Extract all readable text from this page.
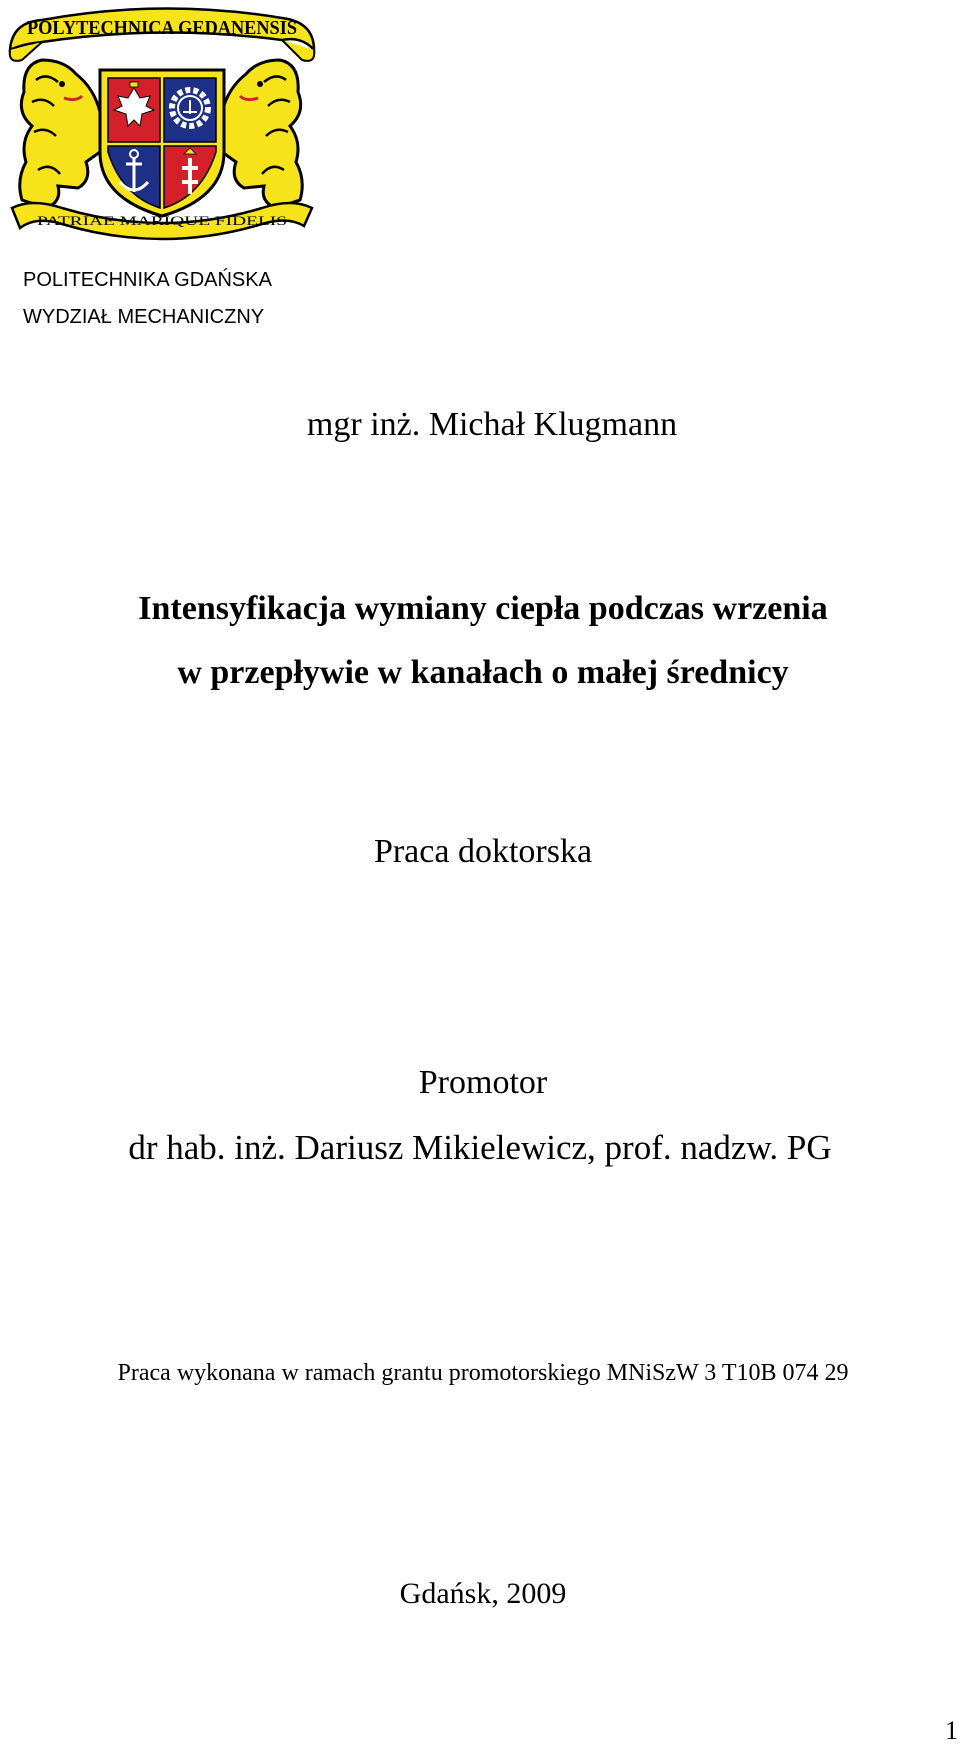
POLYTECHNICA GEDANENSIS
PATRIAE MARIQUE FIDELIS
POLITECHNIKA GDAŃSKA
WYDZIAŁ MECHANICZNY
mgr inż. Michał Klugmann
Intensyfikacja wymiany ciepła podczas wrzenia
w przepływie w kanałach o małej średnicy
Praca doktorska
Promotor
dr hab. inż. Dariusz Mikielewicz, prof. nadzw. PG
Praca wykonana w ramach grantu promotorskiego MNiSzW 3 T10B 074 29
Gdańsk, 2009
1
